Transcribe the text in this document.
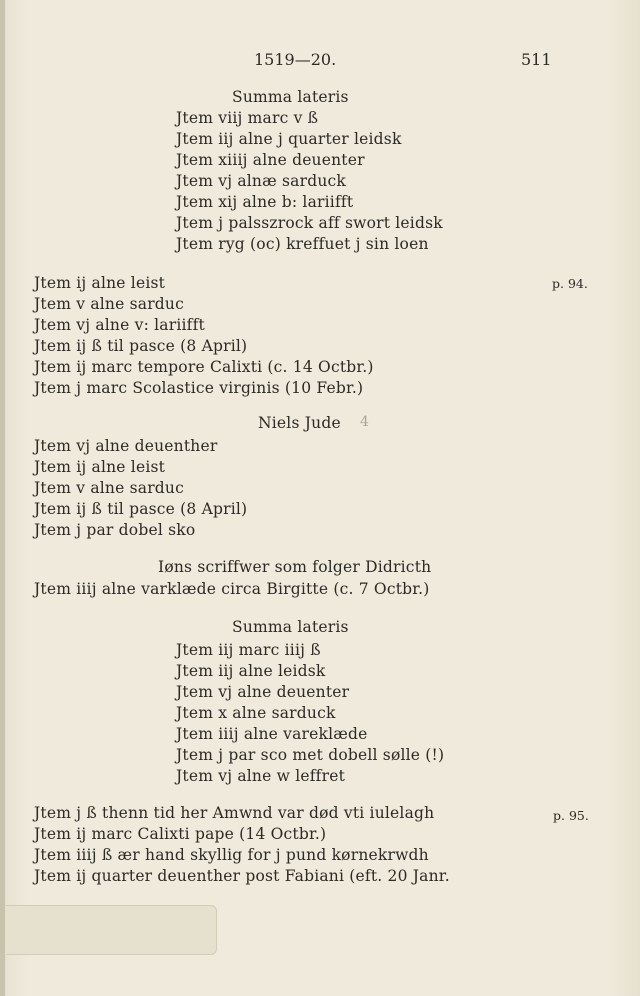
1519—20.	511
Summa lateris
Jtem viij marc v ß
Jtem iij alne j quarter leidsk
Jtem xiiij alne deuenter
Jtem vj alnæ sarduck
Jtem xij alne b: lariifft
Jtem j palsszrock aff swort leidsk
Jtem ryg (oc) kreffuet j sin loen
Jtem ij alne leist	p. 94.
Jtem v alne sarduc
Jtem vj alne v: lariifft
Jtem ij ß til pasce (8 April)
Jtem ij marc tempore Calixti (c. 14 Octbr.)
Jtem j marc Scolastice virginis (10 Febr.)
Niels Jude 4
Jtem vj alne deuenther
Jtem ij alne leist
Jtem v alne sarduc
Jtem ij ß til pasce (8 April)
Jtem j par dobel sko
Iøns scriffwer som folger Didricth
Jtem iiij alne varklæde circa Birgitte (c. 7 Octbr.)
Summa lateris
Jtem iij marc iiij ß
Jtem iij alne leidsk
Jtem vj alne deuenter
Jtem x alne sarduck
Jtem iiij alne vareklæde
Jtem j par sco met dobell sølle (!)
Jtem vj alne w leffret
Jtem j ß thenn tid her Amwnd var død vti iulelagh	p. 95.
Jtem ij marc Calixti pape (14 Octbr.)
Jtem iiij ß ær hand skyllig for j pund kørnekrwdh
Jtem ij quarter deuenther post Fabiani (eft. 20 Janr.
